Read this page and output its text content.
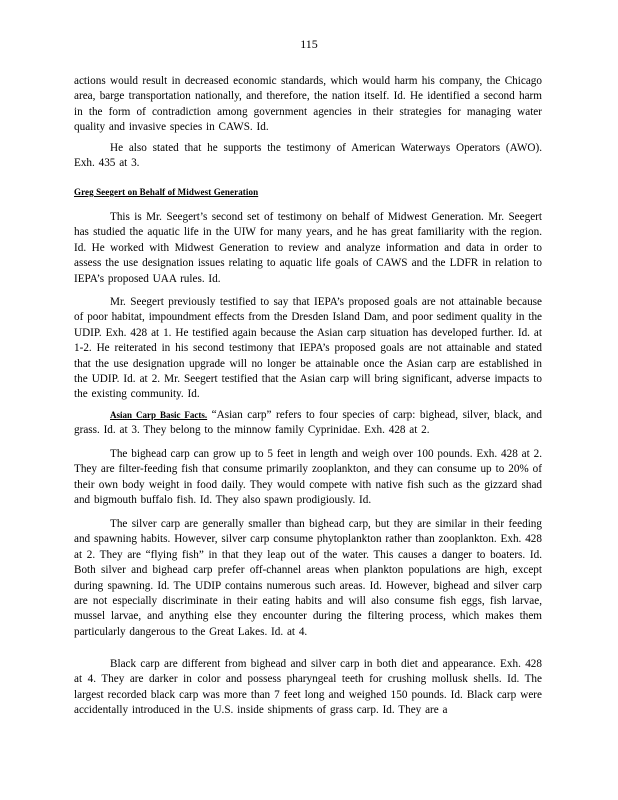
115

actions would result in decreased economic standards, which would harm his company, the Chicago area, barge transportation nationally, and therefore, the nation itself. Id. He identified a second harm in the form of contradiction among government agencies in their strategies for managing water quality and invasive species in CAWS. Id.

He also stated that he supports the testimony of American Waterways Operators (AWO). Exh. 435 at 3.

Greg Seegert on Behalf of Midwest Generation

This is Mr. Seegert’s second set of testimony on behalf of Midwest Generation. Mr. Seegert has studied the aquatic life in the UIW for many years, and he has great familiarity with the region. Id. He worked with Midwest Generation to review and analyze information and data in order to assess the use designation issues relating to aquatic life goals of CAWS and the LDFR in relation to IEPA’s proposed UAA rules. Id.

Mr. Seegert previously testified to say that IEPA’s proposed goals are not attainable because of poor habitat, impoundment effects from the Dresden Island Dam, and poor sediment quality in the UDIP. Exh. 428 at 1. He testified again because the Asian carp situation has developed further. Id. at 1-2. He reiterated in his second testimony that IEPA’s proposed goals are not attainable and stated that the use designation upgrade will no longer be attainable once the Asian carp are established in the UDIP. Id. at 2. Mr. Seegert testified that the Asian carp will bring significant, adverse impacts to the existing community. Id.

Asian Carp Basic Facts. “Asian carp” refers to four species of carp: bighead, silver, black, and grass. Id. at 3. They belong to the minnow family Cyprinidae. Exh. 428 at 2.

The bighead carp can grow up to 5 feet in length and weigh over 100 pounds. Exh. 428 at 2. They are filter-feeding fish that consume primarily zooplankton, and they can consume up to 20% of their own body weight in food daily. They would compete with native fish such as the gizzard shad and bigmouth buffalo fish. Id. They also spawn prodigiously. Id.

The silver carp are generally smaller than bighead carp, but they are similar in their feeding and spawning habits. However, silver carp consume phytoplankton rather than zooplankton. Exh. 428 at 2. They are “flying fish” in that they leap out of the water. This causes a danger to boaters. Id. Both silver and bighead carp prefer off-channel areas when plankton populations are high, except during spawning. Id. The UDIP contains numerous such areas. Id. However, bighead and silver carp are not especially discriminate in their eating habits and will also consume fish eggs, fish larvae, mussel larvae, and anything else they encounter during the filtering process, which makes them particularly dangerous to the Great Lakes. Id. at 4.

Black carp are different from bighead and silver carp in both diet and appearance. Exh. 428 at 4. They are darker in color and possess pharyngeal teeth for crushing mollusk shells. Id. The largest recorded black carp was more than 7 feet long and weighed 150 pounds. Id. Black carp were accidentally introduced in the U.S. inside shipments of grass carp. Id. They are a
